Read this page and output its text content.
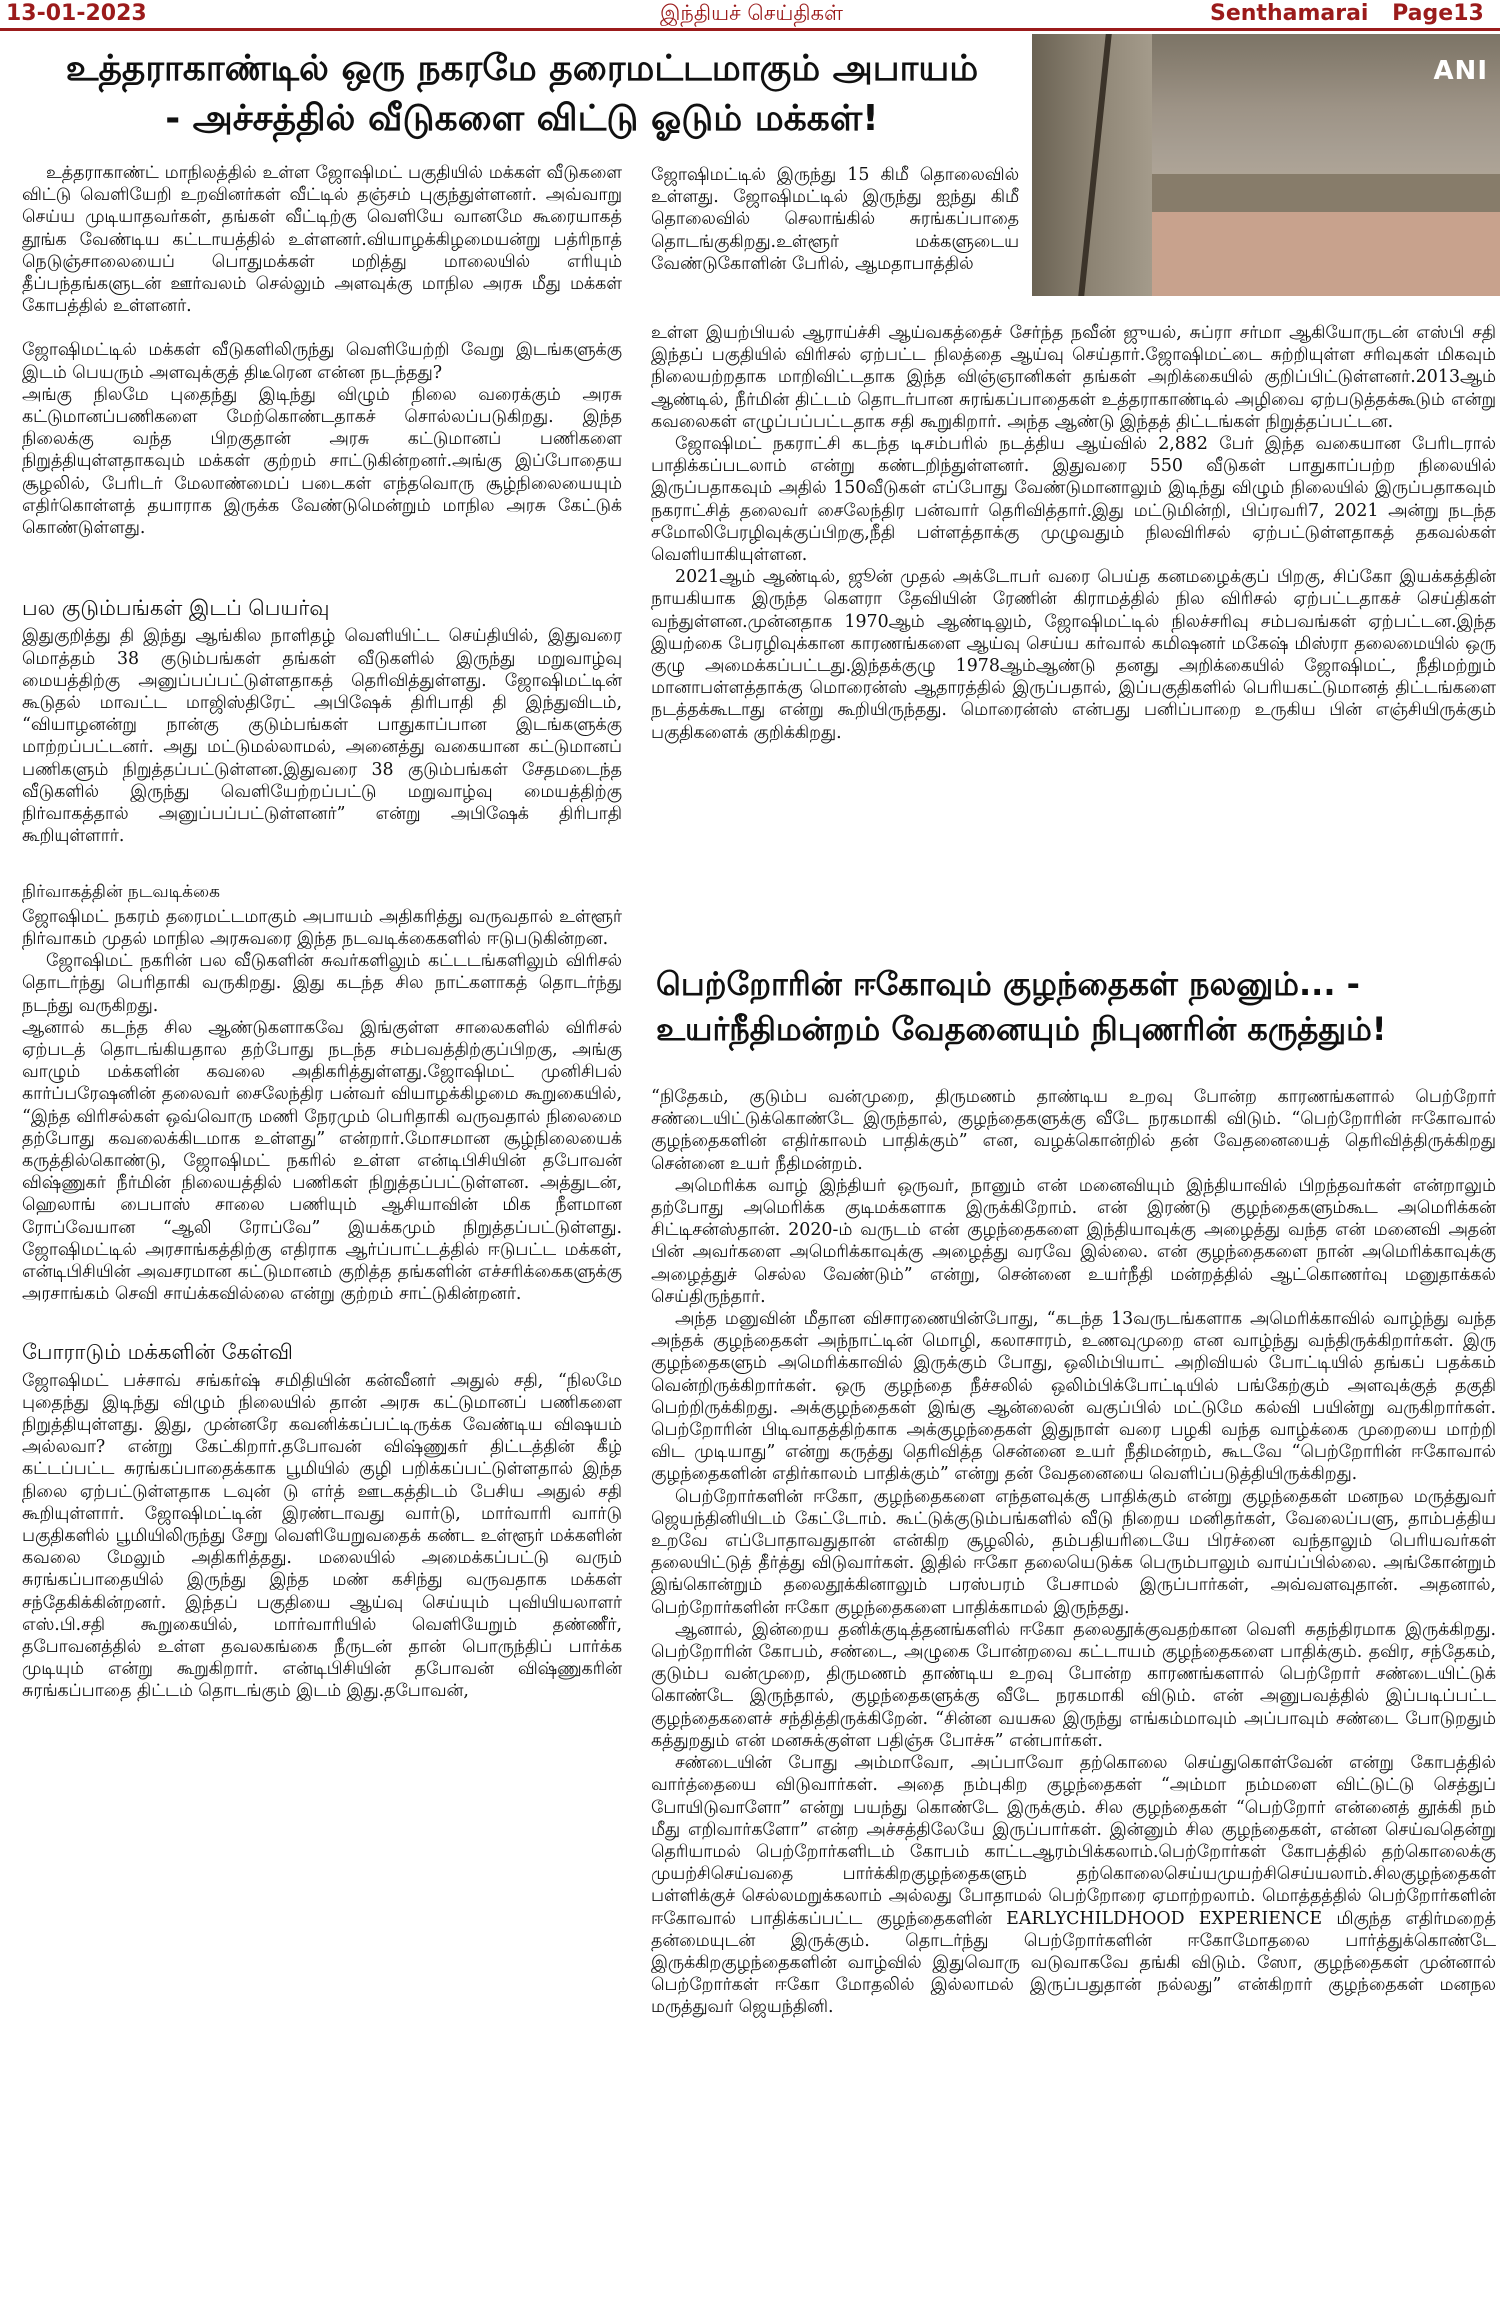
13-01-2023	இந்தியச் செய்திகள்	Senthamarai Page13
உத்தராகாண்டில் ஒரு நகரமே தரைமட்டமாகும் அபாயம்
- அச்சத்தில் வீடுகளை விட்டு ஓடும் மக்கள்!
ANI

உத்தராகாண்ட் மாநிலத்தில் உள்ள ஜோஷிமட் பகுதியில் மக்கள் வீடுகளை விட்டு வெளியேறி உறவினர்கள் வீட்டில் தஞ்சம் புகுந்துள்ளனர். அவ்வாறு செய்ய முடியாதவர்கள், தங்கள் வீட்டிற்கு வெளியே வானமே கூரையாகத் தூங்க வேண்டிய கட்டாயத்தில் உள்ளனர்.வியாழக்கிழமையன்று பத்ரிநாத் நெடுஞ்சாலையைப் பொதுமக்கள் மறித்து மாலையில் எரியும் தீப்பந்தங்களுடன் ஊர்வலம் செல்லும் அளவுக்கு மாநில அரசு மீது மக்கள் கோபத்தில் உள்ளனர்.

ஜோஷிமட்டில் மக்கள் வீடுகளிலிருந்து வெளியேற்றி வேறு இடங்களுக்கு இடம் பெயரும் அளவுக்குத் திடீரென என்ன நடந்தது?

அங்கு நிலமே புதைந்து இடிந்து விழும் நிலை வரைக்கும் அரசு கட்டுமானப்பணிகளை மேற்கொண்டதாகச் சொல்லப்படுகிறது. இந்த நிலைக்கு வந்த பிறகுதான் அரசு கட்டுமானப் பணிகளை நிறுத்தியுள்ளதாகவும் மக்கள் குற்றம் சாட்டுகின்றனர்.அங்கு இப்போதைய சூழலில், பேரிடர் மேலாண்மைப் படைகள் எந்தவொரு சூழ்நிலையையும் எதிர்கொள்ளத் தயாராக இருக்க வேண்டுமென்றும் மாநில அரசு கேட்டுக் கொண்டுள்ளது.

பல குடும்பங்கள் இடப் பெயர்வு

இதுகுறித்து தி இந்து ஆங்கில நாளிதழ் வெளியிட்ட செய்தியில், இதுவரை மொத்தம் 38 குடும்பங்கள் தங்கள் வீடுகளில் இருந்து மறுவாழ்வு மையத்திற்கு அனுப்பப்பட்டுள்ளதாகத் தெரிவித்துள்ளது. ஜோஷிமட்டின் கூடுதல் மாவட்ட மாஜிஸ்திரேட் அபிஷேக் திரிபாதி தி இந்துவிடம், “வியாழனன்று நான்கு குடும்பங்கள் பாதுகாப்பான இடங்களுக்கு மாற்றப்பட்டனர். அது மட்டுமல்லாமல், அனைத்து வகையான கட்டுமானப் பணிகளும் நிறுத்தப்பட்டுள்ளன.இதுவரை 38 குடும்பங்கள் சேதமடைந்த வீடுகளில் இருந்து வெளியேற்றப்பட்டு மறுவாழ்வு மையத்திற்கு நிர்வாகத்தால் அனுப்பப்பட்டுள்ளனர்” என்று அபிஷேக் திரிபாதி கூறியுள்ளார்.

நிர்வாகத்தின் நடவடிக்கை

ஜோஷிமட் நகரம் தரைமட்டமாகும் அபாயம் அதிகரித்து வருவதால் உள்ளூர் நிர்வாகம் முதல் மாநில அரசுவரை இந்த நடவடிக்கைகளில் ஈடுபடுகின்றன.

ஜோஷிமட் நகரின் பல வீடுகளின் சுவர்களிலும் கட்டடங்களிலும் விரிசல் தொடர்ந்து பெரிதாகி வருகிறது. இது கடந்த சில நாட்களாகத் தொடர்ந்து நடந்து வருகிறது.

ஆனால் கடந்த சில ஆண்டுகளாகவே இங்குள்ள சாலைகளில் விரிசல் ஏற்படத் தொடங்கியதால தற்போது நடந்த சம்பவத்திற்குப்பிறகு, அங்கு வாழும் மக்களின் கவலை அதிகரித்துள்ளது.ஜோஷிமட் முனிசிபல் கார்ப்பரேஷனின் தலைவர் சைலேந்திர பன்வர் வியாழக்கிழமை கூறுகையில், “இந்த விரிசல்கள் ஒவ்வொரு மணி நேரமும் பெரிதாகி வருவதால் நிலைமை தற்போது கவலைக்கிடமாக உள்ளது” என்றார்.மோசமான சூழ்நிலையைக் கருத்தில்கொண்டு, ஜோஷிமட் நகரில் உள்ள என்டிபிசியின் தபோவன் விஷ்ணுகர் நீர்மின் நிலையத்தில் பணிகள் நிறுத்தப்பட்டுள்ளன. அத்துடன், ஹெலாங் பைபாஸ் சாலை பணியும் ஆசியாவின் மிக நீளமான ரோப்வேயான “ஆலி ரோப்வே” இயக்கமும் நிறுத்தப்பட்டுள்ளது. ஜோஷிமட்டில் அரசாங்கத்திற்கு எதிராக ஆர்ப்பாட்டத்தில் ஈடுபட்ட மக்கள், என்டிபிசியின் அவசரமான கட்டுமானம் குறித்த தங்களின் எச்சரிக்கைகளுக்கு அரசாங்கம் செவி சாய்க்கவில்லை என்று குற்றம் சாட்டுகின்றனர்.

போராடும் மக்களின் கேள்வி

ஜோஷிமட் பச்சாவ் சங்கர்ஷ் சமிதியின் கன்வீனர் அதுல் சதி, “நிலமே புதைந்து இடிந்து விழும் நிலையில் தான் அரசு கட்டுமானப் பணிகளை நிறுத்தியுள்ளது. இது, முன்னரே கவனிக்கப்பட்டிருக்க வேண்டிய விஷயம் அல்லவா? என்று கேட்கிறார்.தபோவன் விஷ்ணுகர் திட்டத்தின் கீழ் கட்டப்பட்ட சுரங்கப்பாதைக்காக பூமியில் குழி பறிக்கப்பட்டுள்ளதால் இந்த நிலை ஏற்பட்டுள்ளதாக டவுன் டு எர்த் ஊடகத்திடம் பேசிய அதுல் சதி கூறியுள்ளார். ஜோஷிமட்டின் இரண்டாவது வார்டு, மார்வாரி வார்டு பகுதிகளில் பூமியிலிருந்து சேறு வெளியேறுவதைக் கண்ட உள்ளூர் மக்களின் கவலை மேலும் அதிகரித்தது. மலையில் அமைக்கப்பட்டு வரும் சுரங்கப்பாதையில் இருந்து இந்த மண் கசிந்து வருவதாக மக்கள் சந்தேகிக்கின்றனர். இந்தப் பகுதியை ஆய்வு செய்யும் புவியியலாளர் எஸ்.பி.சதி கூறுகையில், மார்வாரியில் வெளியேறும் தண்ணீர், தபோவனத்தில் உள்ள தவலகங்கை நீருடன் தான் பொருந்திப் பார்க்க முடியும் என்று கூறுகிறார். என்டிபிசியின் தபோவன் விஷ்ணுகரின் சுரங்கப்பாதை திட்டம் தொடங்கும் இடம் இது.தபோவன்,

ஜோஷிமட்டில் இருந்து 15 கிமீ தொலைவில் உள்ளது. ஜோஷிமட்டில் இருந்து ஐந்து கிமீ தொலைவில் செலாங்கில் சுரங்கப்பாதை தொடங்குகிறது.உள்ளூர் மக்களுடைய வேண்டுகோளின் பேரில், ஆமதாபாத்தில்

உள்ள இயற்பியல் ஆராய்ச்சி ஆய்வகத்தைச் சேர்ந்த நவீன் ஜுயல், சுப்ரா சர்மா ஆகியோருடன் எஸ்பி சதி இந்தப் பகுதியில் விரிசல் ஏற்பட்ட நிலத்தை ஆய்வு செய்தார்.ஜோஷிமட்டை சுற்றியுள்ள சரிவுகள் மிகவும் நிலையற்றதாக மாறிவிட்டதாக இந்த விஞ்ஞானிகள் தங்கள் அறிக்கையில் குறிப்பிட்டுள்ளனர்.2013ஆம் ஆண்டில், நீர்மின் திட்டம் தொடர்பான சுரங்கப்பாதைகள் உத்தராகாண்டில் அழிவை ஏற்படுத்தக்கூடும் என்று கவலைகள் எழுப்பப்பட்டதாக சதி கூறுகிறார். அந்த ஆண்டு இந்தத் திட்டங்கள் நிறுத்தப்பட்டன.

ஜோஷிமட் நகராட்சி கடந்த டிசம்பரில் நடத்திய ஆய்வில் 2,882 பேர் இந்த வகையான பேரிடரால் பாதிக்கப்படலாம் என்று கண்டறிந்துள்ளனர். இதுவரை 550 வீடுகள் பாதுகாப்பற்ற நிலையில் இருப்பதாகவும் அதில் 150வீடுகள் எப்போது வேண்டுமானாலும் இடிந்து விழும் நிலையில் இருப்பதாகவும் நகராட்சித் தலைவர் சைலேந்திர பன்வார் தெரிவித்தார்.இது மட்டுமின்றி, பிப்ரவரி7, 2021 அன்று நடந்த சமோலிபேரழிவுக்குப்பிறகு,நீதி பள்ளத்தாக்கு முழுவதும் நிலவிரிசல் ஏற்பட்டுள்ளதாகத் தகவல்கள் வெளியாகியுள்ளன.

2021ஆம் ஆண்டில், ஜூன் முதல் அக்டோபர் வரை பெய்த கனமழைக்குப் பிறகு, சிப்கோ இயக்கத்தின் நாயகியாக இருந்த கௌரா தேவியின் ரேணின் கிராமத்தில் நில விரிசல் ஏற்பட்டதாகச் செய்திகள் வந்துள்ளன.முன்னதாக 1970ஆம் ஆண்டிலும், ஜோஷிமட்டில் நிலச்சரிவு சம்பவங்கள் ஏற்பட்டன.இந்த இயற்கை பேரழிவுக்கான காரணங்களை ஆய்வு செய்ய கர்வால் கமிஷனர் மகேஷ் மிஸ்ரா தலைமையில் ஒரு குழு அமைக்கப்பட்டது.இந்தக்குழு 1978ஆம்ஆண்டு தனது அறிக்கையில் ஜோஷிமட், நீதிமற்றும் மானாபள்ளத்தாக்கு மொரைன்ஸ் ஆதாரத்தில் இருப்பதால், இப்பகுதிகளில் பெரியகட்டுமானத் திட்டங்களை நடத்தக்கூடாது என்று கூறியிருந்தது. மொரைன்ஸ் என்பது பனிப்பாறை உருகிய பின் எஞ்சியிருக்கும் பகுதிகளைக் குறிக்கிறது.

பெற்றோரின் ஈகோவும் குழந்தைகள் நலனும்... -
உயர்நீதிமன்றம் வேதனையும் நிபுணரின் கருத்தும்!

“நிதேகம், குடும்ப வன்முறை, திருமணம் தாண்டிய உறவு போன்ற காரணங்களால் பெற்றோர் சண்டையிட்டுக்கொண்டே இருந்தால், குழந்தைகளுக்கு வீடே நரகமாகி விடும். “பெற்றோரின் ஈகோவால் குழந்தைகளின் எதிர்காலம் பாதிக்கும்” என, வழக்கொன்றில் தன் வேதனையைத் தெரிவித்திருக்கிறது சென்னை உயர் நீதிமன்றம்.

அமெரிக்க வாழ் இந்தியர் ஒருவர், நானும் என் மனைவியும் இந்தியாவில் பிறந்தவர்கள் என்றாலும் தற்போது அமெரிக்க குடிமக்களாக இருக்கிறோம். என் இரண்டு குழந்தைகளும்கூட அமெரிக்கன் சிட்டிசன்ஸ்தான். 2020-ம் வருடம் என் குழந்தைகளை இந்தியாவுக்கு அழைத்து வந்த என் மனைவி அதன் பின் அவர்களை அமெரிக்காவுக்கு அழைத்து வரவே இல்லை. என் குழந்தைகளை நான் அமெரிக்காவுக்கு அழைத்துச் செல்ல வேண்டும்” என்று, சென்னை உயர்நீதி மன்றத்தில் ஆட்கொணர்வு மனுதாக்கல் செய்திருந்தார்.

அந்த மனுவின் மீதான விசாரணையின்போது, “கடந்த 13வருடங்களாக அமெரிக்காவில் வாழ்ந்து வந்த அந்தக் குழந்தைகள் அந்நாட்டின் மொழி, கலாசாரம், உணவுமுறை என வாழ்ந்து வந்திருக்கிறார்கள். இரு குழந்தைகளும் அமெரிக்காவில் இருக்கும் போது, ஒலிம்பியாட் அறிவியல் போட்டியில் தங்கப் பதக்கம் வென்றிருக்கிறார்கள். ஒரு குழந்தை நீச்சலில் ஒலிம்பிக்போட்டியில் பங்கேற்கும் அளவுக்குத் தகுதி பெற்றிருக்கிறது. அக்குழந்தைகள் இங்கு ஆன்லைன் வகுப்பில் மட்டுமே கல்வி பயின்று வருகிறார்கள். பெற்றோரின் பிடிவாதத்திற்காக அக்குழந்தைகள் இதுநாள் வரை பழகி வந்த வாழ்க்கை முறையை மாற்றி விட முடியாது” என்று கருத்து தெரிவித்த சென்னை உயர் நீதிமன்றம், கூடவே “பெற்றோரின் ஈகோவால் குழந்தைகளின் எதிர்காலம் பாதிக்கும்” என்று தன் வேதனையை வெளிப்படுத்தியிருக்கிறது.

பெற்றோர்களின் ஈகோ, குழந்தைகளை எந்தளவுக்கு பாதிக்கும் என்று குழந்தைகள் மனநல மருத்துவர் ஜெயந்தினியிடம் கேட்டோம். கூட்டுக்குடும்பங்களில் வீடு நிறைய மனிதர்கள், வேலைப்பளு, தாம்பத்திய உறவே எப்போதாவதுதான் என்கிற சூழலில், தம்பதியரிடையே பிரச்னை வந்தாலும் பெரியவர்கள் தலையிட்டுத் தீர்த்து விடுவார்கள். இதில் ஈகோ தலையெடுக்க பெரும்பாலும் வாய்ப்பில்லை. அங்கோன்றும் இங்கொன்றும் தலைதூக்கினாலும் பரஸ்பரம் பேசாமல் இருப்பார்கள், அவ்வளவுதான். அதனால், பெற்றோர்களின் ஈகோ குழந்தைகளை பாதிக்காமல் இருந்தது.

ஆனால், இன்றைய தனிக்குடித்தனங்களில் ஈகோ தலைதூக்குவதற்கான வெளி சுதந்திரமாக இருக்கிறது. பெற்றோரின் கோபம், சண்டை, அழுகை போன்றவை கட்டாயம் குழந்தைகளை பாதிக்கும். தவிர, சந்தேகம், குடும்ப வன்முறை, திருமணம் தாண்டிய உறவு போன்ற காரணங்களால் பெற்றோர் சண்டையிட்டுக் கொண்டே இருந்தால், குழந்தைகளுக்கு வீடே நரகமாகி விடும். என் அனுபவத்தில் இப்படிப்பட்ட குழந்தைகளைச் சந்தித்திருக்கிறேன். “சின்ன வயசுல இருந்து எங்கம்மாவும் அப்பாவும் சண்டை போடுறதும் கத்துறதும் என் மனசுக்குள்ள பதிஞ்சு போச்சு” என்பார்கள்.

சண்டையின் போது அம்மாவோ, அப்பாவோ தற்கொலை செய்துகொள்வேன் என்று கோபத்தில் வார்த்தையை விடுவார்கள். அதை நம்புகிற குழந்தைகள் “அம்மா நம்மளை விட்டுட்டு செத்துப் போயிடுவாளோ” என்று பயந்து கொண்டே இருக்கும். சில குழந்தைகள் “பெற்றோர் என்னைத் தூக்கி நம் மீது எறிவார்களோ” என்ற அச்சத்திலேயே இருப்பார்கள். இன்னும் சில குழந்தைகள், என்ன செய்வதென்று தெரியாமல் பெற்றோர்களிடம் கோபம் காட்டஆரம்பிக்கலாம்.பெற்றோர்கள் கோபத்தில் தற்கொலைக்கு முயற்சிசெய்வதை பார்க்கிறகுழந்தைகளும் தற்கொலைசெய்யமுயற்சிசெய்யலாம்.சிலகுழந்தைகள் பள்ளிக்குச் செல்லமறுக்கலாம் அல்லது போதாமல் பெற்றோரை ஏமாற்றலாம். மொத்தத்தில் பெற்றோர்களின் ஈகோவால் பாதிக்கப்பட்ட குழந்தைகளின் EARLYCHILDHOOD EXPERIENCE மிகுந்த எதிர்மறைத் தன்மையுடன் இருக்கும். தொடர்ந்து பெற்றோர்களின் ஈகோமோதலை பார்த்துக்கொண்டே இருக்கிறகுழந்தைகளின் வாழ்வில் இதுவொரு வடுவாகவே தங்கி விடும். ஸோ, குழந்தைகள் முன்னால் பெற்றோர்கள் ஈகோ மோதலில் இல்லாமல் இருப்பதுதான் நல்லது” என்கிறார் குழந்தைகள் மனநல மருத்துவர் ஜெயந்தினி.
